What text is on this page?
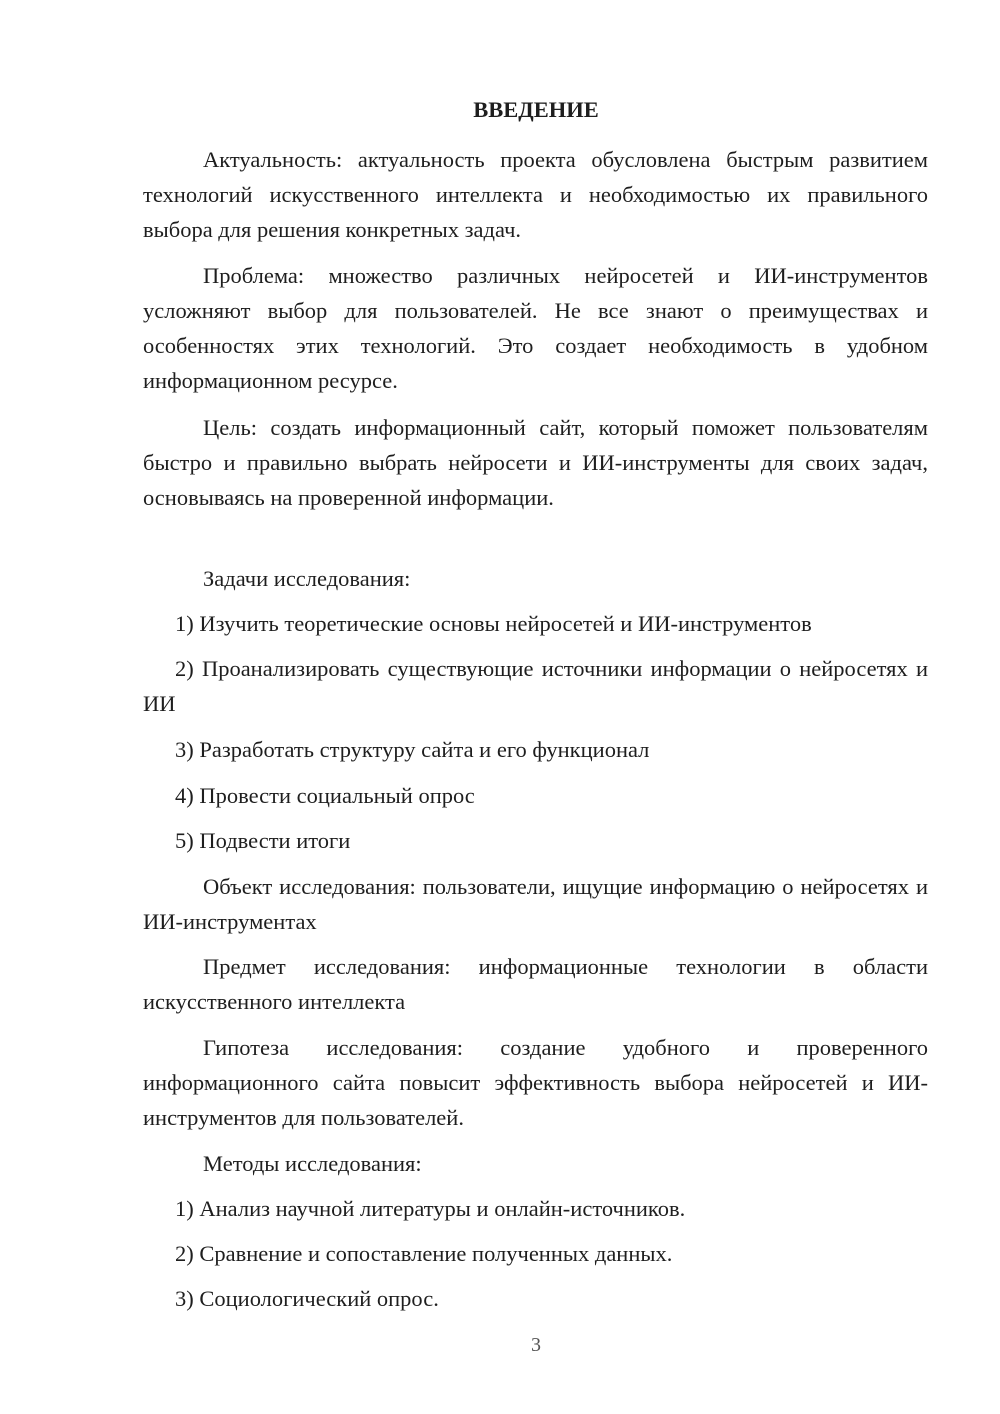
ВВЕДЕНИЕ

Актуальность: актуальность проекта обусловлена быстрым развитием технологий искусственного интеллекта и необходимостью их правильного выбора для решения конкретных задач.

Проблема: множество различных нейросетей и ИИ-инструментов усложняют выбор для пользователей. Не все знают о преимуществах и особенностях этих технологий. Это создает необходимость в удобном информационном ресурсе.

Цель: создать информационный сайт, который поможет пользователям быстро и правильно выбрать нейросети и ИИ-инструменты для своих задач, основываясь на проверенной информации.

Задачи исследования:

1) Изучить теоретические основы нейросетей и ИИ-инструментов

2) Проанализировать существующие источники информации о нейросетях и ИИ

3) Разработать структуру сайта и его функционал

4) Провести социальный опрос

5) Подвести итоги

Объект исследования: пользователи, ищущие информацию о нейросетях и ИИ-инструментах

Предмет исследования: информационные технологии в области искусственного интеллекта

Гипотеза исследования: создание удобного и проверенного информационного сайта повысит эффективность выбора нейросетей и ИИ-инструментов для пользователей.

Методы исследования:

1) Анализ научной литературы и онлайн-источников.

2) Сравнение и сопоставление полученных данных.

3) Социологический опрос.

3
